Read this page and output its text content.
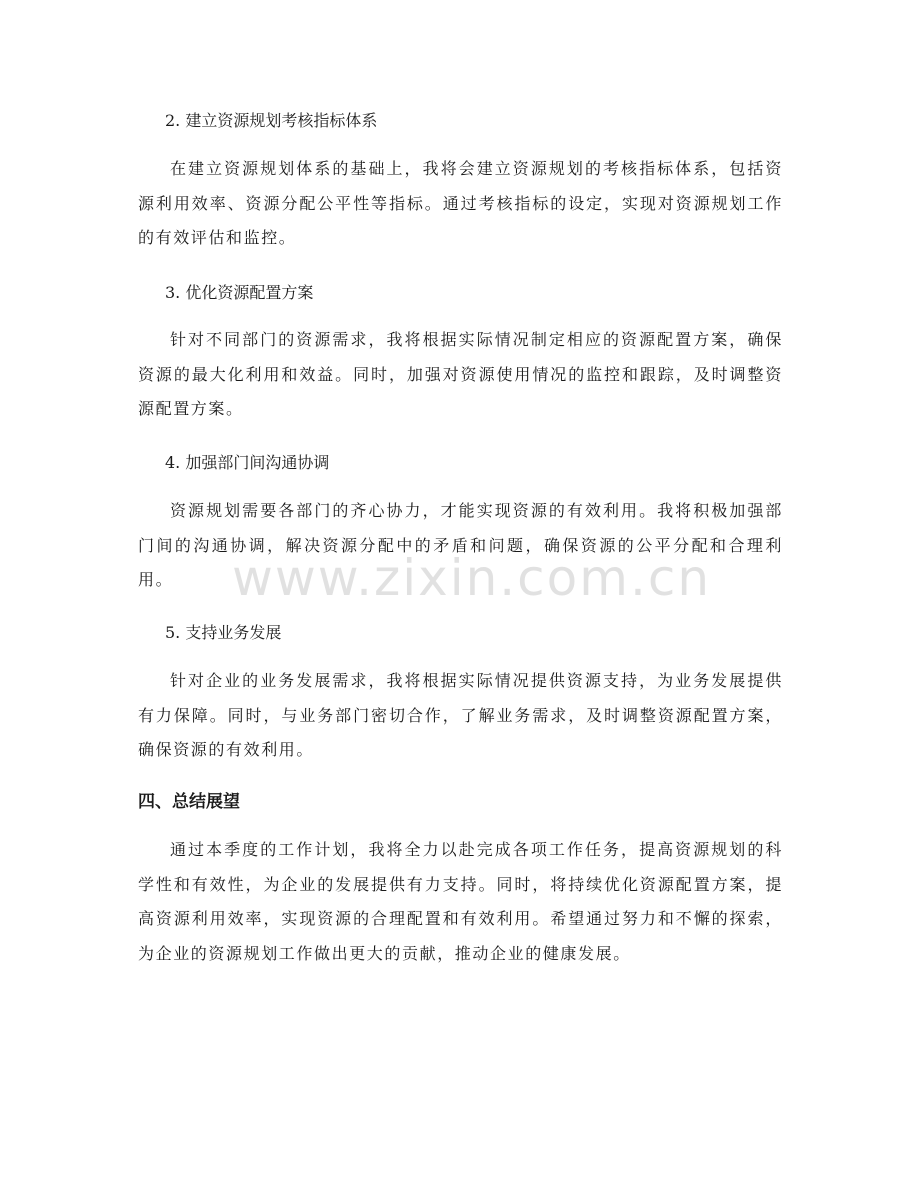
2. 建立资源规划考核指标体系

在建立资源规划体系的基础上，我将会建立资源规划的考核指标体系，包括资源利用效率、资源分配公平性等指标。通过考核指标的设定，实现对资源规划工作的有效评估和监控。

3. 优化资源配置方案

针对不同部门的资源需求，我将根据实际情况制定相应的资源配置方案，确保资源的最大化利用和效益。同时，加强对资源使用情况的监控和跟踪，及时调整资源配置方案。

4. 加强部门间沟通协调

资源规划需要各部门的齐心协力，才能实现资源的有效利用。我将积极加强部门间的沟通协调，解决资源分配中的矛盾和问题，确保资源的公平分配和合理利用。

5. 支持业务发展

针对企业的业务发展需求，我将根据实际情况提供资源支持，为业务发展提供有力保障。同时，与业务部门密切合作，了解业务需求，及时调整资源配置方案，确保资源的有效利用。

四、总结展望

通过本季度的工作计划，我将全力以赴完成各项工作任务，提高资源规划的科学性和有效性，为企业的发展提供有力支持。同时，将持续优化资源配置方案，提高资源利用效率，实现资源的合理配置和有效利用。希望通过努力和不懈的探索，为企业的资源规划工作做出更大的贡献，推动企业的健康发展。

www.zixin.com.cn
